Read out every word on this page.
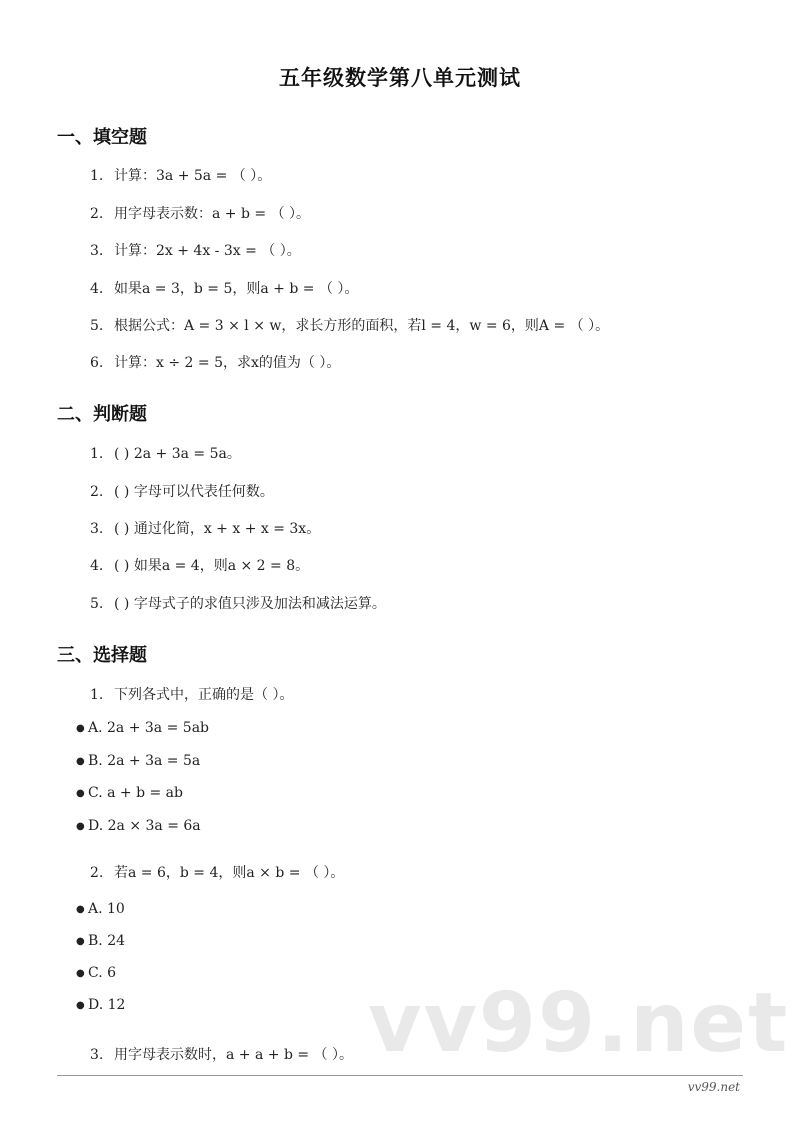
五年级数学第八单元测试
一、填空题
1. 计算：3a + 5a = （ ）。
2. 用字母表示数：a + b = （ ）。
3. 计算：2x + 4x - 3x = （ ）。
4. 如果a = 3，b = 5，则a + b = （ ）。
5. 根据公式：A = 3 × l × w，求长方形的面积，若l = 4，w = 6，则A = （ ）。
6. 计算：x ÷ 2 = 5，求x的值为（ ）。
二、判断题
1. ( ) 2a + 3a = 5a。
2. ( ) 字母可以代表任何数。
3. ( ) 通过化简，x + x + x = 3x。
4. ( ) 如果a = 4，则a × 2 = 8。
5. ( ) 字母式子的求值只涉及加法和减法运算。
三、选择题
1. 下列各式中，正确的是（ ）。
● A. 2a + 3a = 5ab
● B. 2a + 3a = 5a
● C. a + b = ab
● D. 2a × 3a = 6a
2. 若a = 6，b = 4，则a × b = （ ）。
● A. 10
● B. 24
● C. 6
● D. 12	vv99.net
3. 用字母表示数时，a + a + b = （ ）。
vv99.net
